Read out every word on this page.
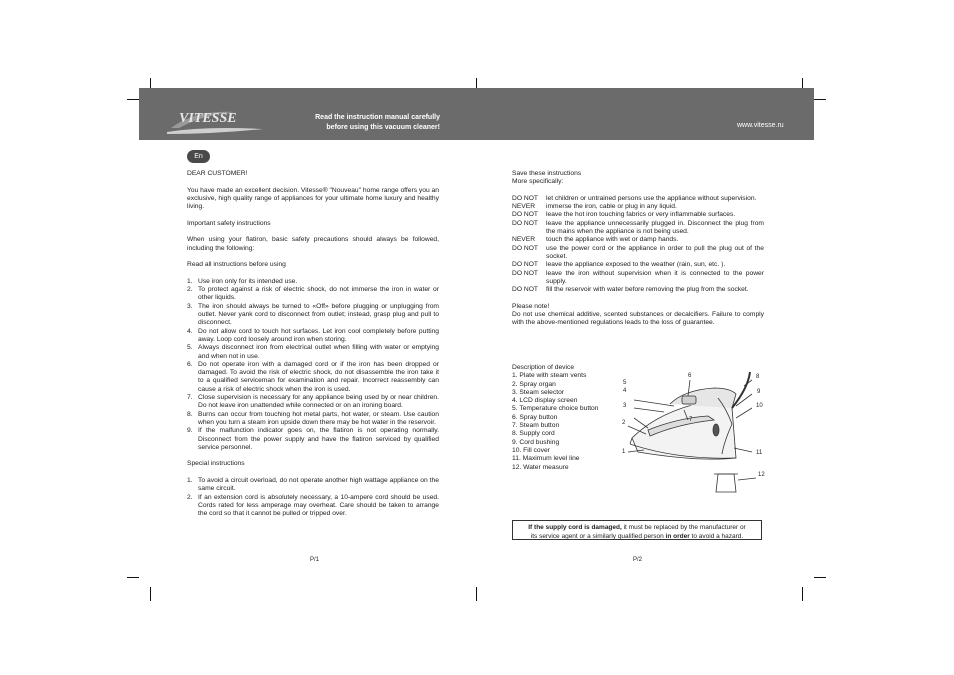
VITESSE	Read the instruction manual carefully
before using this vacuum cleaner!	www.vitesse.ru
En

DEAR CUSTOMER!

You have made an excellent decision. Vitesse® "Nouveau" home range offers you an exclusive, high quality range of appliances for your ultimate home luxury and healthy living.

Important safety instructions

When using your flatiron, basic safety precautions should always be followed, including the following:

Read all instructions before using

1. Use iron only for its intended use.
2. To protect against a risk of electric shock, do not immerse the iron in water or other liquids.
3. The iron should always be turned to «Off» before plugging or unplugging from outlet. Never yank cord to disconnect from outlet; instead, grasp plug and pull to disconnect.
4. Do not allow cord to touch hot surfaces. Let iron cool completely before putting away. Loop cord loosely around iron when storing.
5. Always disconnect iron from electrical outlet when filling with water or emptying and when not in use.
6. Do not operate iron with a damaged cord or if the iron has been dropped or damaged. To avoid the risk of electric shock, do not disassemble the iron take it to a qualified serviceman for examination and repair. Incorrect reassembly can cause a risk of electric shock when the iron is used.
7. Close supervision is necessary for any appliance being used by or near children. Do not leave iron unattended while connected or on an ironing board.
8. Burns can occur from touching hot metal parts, hot water, or steam. Use caution when you turn a steam iron upside down there may be hot water in the reservoir.
9. If the malfunction indicator goes on, the flatiron is not operating normally. Disconnect from the power supply and have the flatiron serviced by qualified service personnel.

Special instructions

1. To avoid a circuit overload, do not operate another high wattage appliance on the same circuit.
2. If an extension cord is absolutely necessary, a 10-ampere cord should be used. Cords rated for less amperage may overheat. Care should be taken to arrange the cord so that it cannot be pulled or tripped over.
P/1

Save these instructions

More specifically:

DO NOT	let children or untrained persons use the appliance without supervision.
NEVER	immerse the iron, cable or plug in any liquid.
DO NOT	leave the hot iron touching fabrics or very inflammable surfaces.
DO NOT	leave the appliance unnecessarily plugged in. Disconnect the plug from the mains when the appliance is not being used.
NEVER	touch the appliance with wet or damp hands.
DO NOT	use the power cord or the appliance in order to pull the plug out of the socket.
DO NOT	leave the appliance exposed to the weather (rain, sun, etc. ).
DO NOT	leave the iron without supervision when it is connected to the power supply.
DO NOT	fill the reservoir with water before removing the plug from the socket.

Please note!

Do not use chemical additive, scented substances or decalcifiers. Failure to comply with the above-mentioned regulations leads to the loss of guarantee.

Description of device

1. Plate with steam vents

2. Spray organ

3. Steam selector

4. LCD display screen

5. Temperature choice button

6. Spray button

7. Steam button

8. Supply cord

9. Cord bushing

10. Fill cover

11. Maximum level line

12. Water measure

1
2
3
4
5
6
7
8
9
10
11
12
If the supply cord is damaged, it must be replaced by the manufacturer or
its service agent or a similarly qualified person in order to avoid a hazard.
P/2
